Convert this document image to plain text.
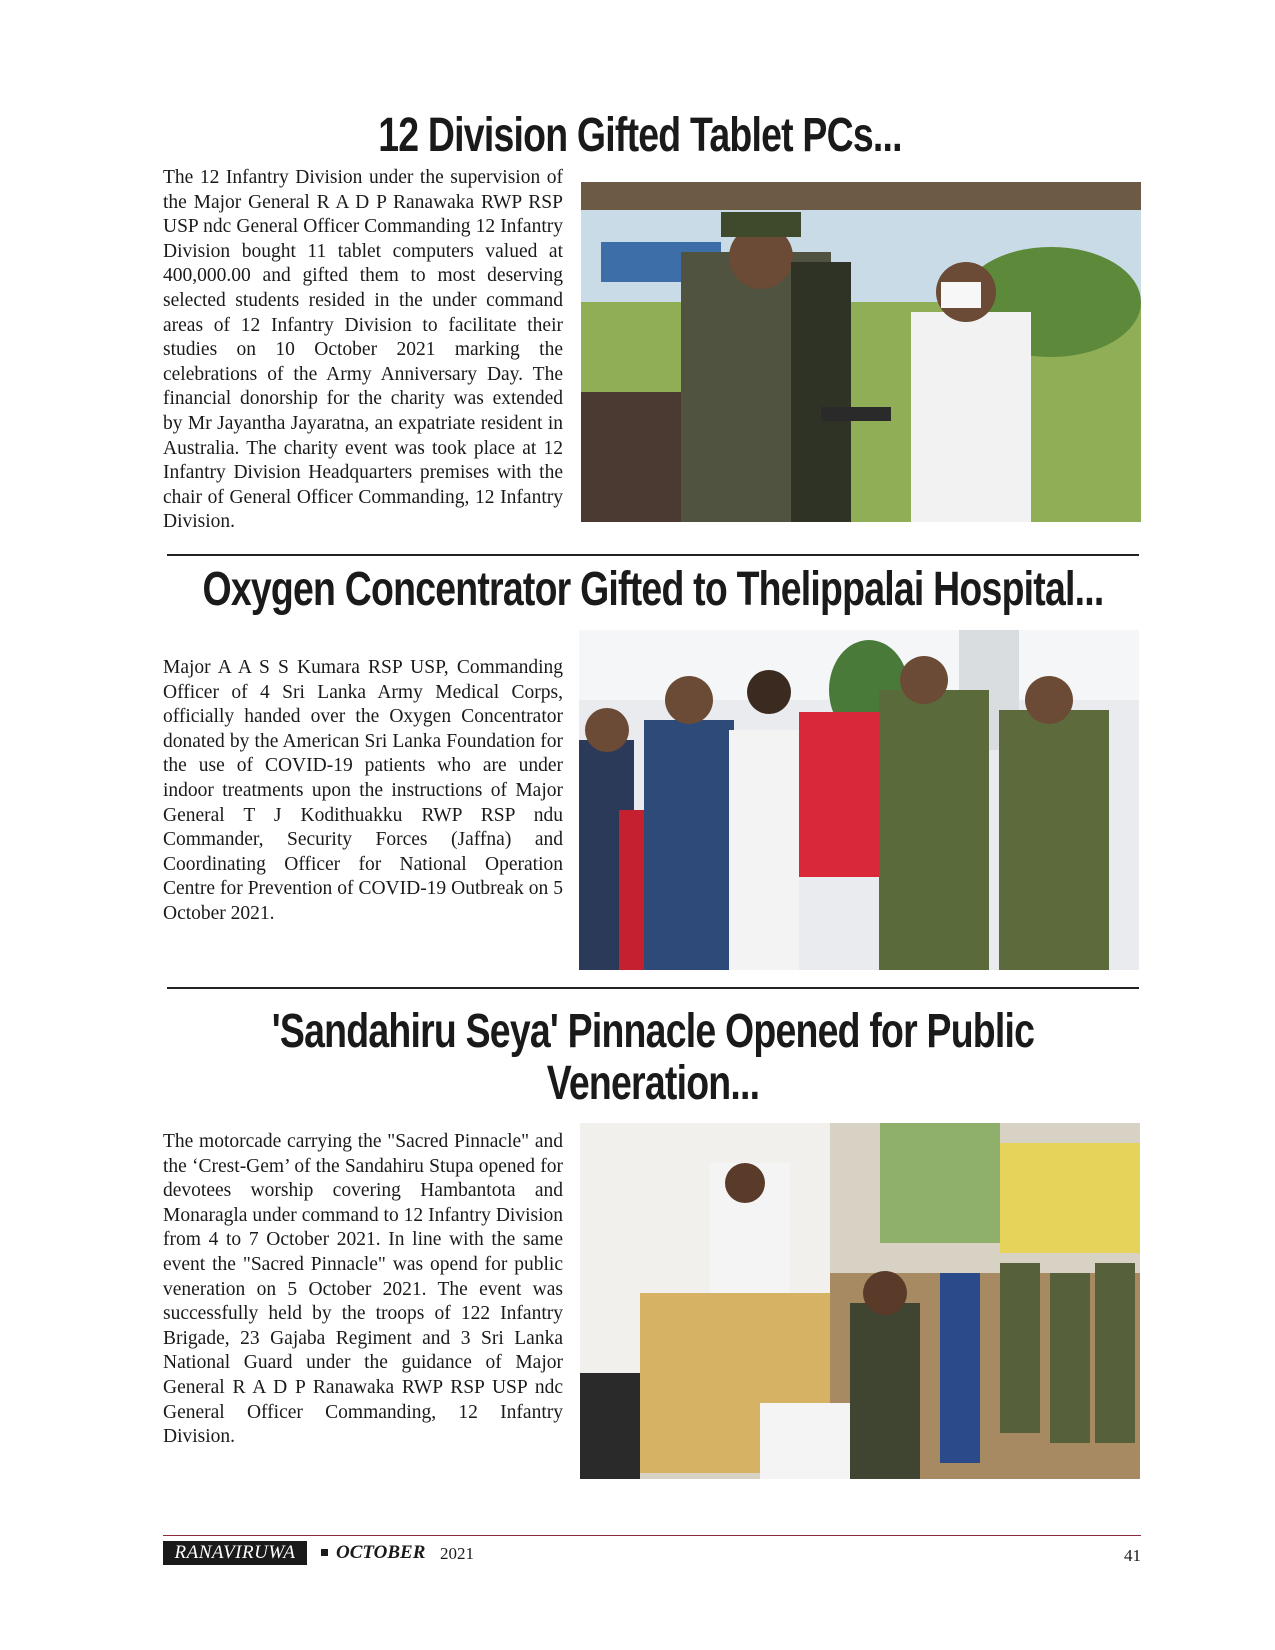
12 Division Gifted Tablet PCs...

The 12 Infantry Division under the supervision of the Major General R A D P Ranawaka RWP RSP USP ndc General Officer Commanding 12 Infantry Division bought 11 tablet computers valued at 400,000.00 and gifted them to most deserving selected students resided in the under command areas of 12 Infantry Division to facilitate their studies on 10 October 2021 marking the celebrations of the Army Anniversary Day. The financial donorship for the charity was extended by Mr Jayantha Jayaratna, an expatriate resident in Australia. The charity event was took place at 12 Infantry Division Headquarters premises with the chair of General Officer Commanding, 12 Infantry Division.

Oxygen Concentrator Gifted to Thelippalai Hospital...

Major A A S S Kumara RSP USP, Commanding Officer of 4 Sri Lanka Army Medical Corps, officially handed over the Oxygen Concentrator donated by the American Sri Lanka Foundation for the use of COVID-19 patients who are under indoor treatments upon the instructions of Major General T J Kodithuakku RWP RSP ndu Commander, Security Forces (Jaffna) and Coordinating Officer for National Operation Centre for Prevention of COVID-19 Outbreak on 5 October 2021.

'Sandahiru Seya' Pinnacle Opened for Public
Veneration...

The motorcade carrying the "Sacred Pinnacle" and the ‘Crest-Gem’ of the Sandahiru Stupa opened for devotees worship covering Hambantota and Monaragla under command to 12 Infantry Division from 4 to 7 October 2021. In line with the same event the "Sacred Pinnacle" was opend for public veneration on 5 October 2021. The event was successfully held by the troops of 122 Infantry Brigade, 23 Gajaba Regiment and 3 Sri Lanka National Guard under the guidance of Major General R A D P Ranawaka RWP RSP USP ndc General Officer Commanding, 12 Infantry Division.

RANAVIRUWA	OCTOBER 2021	41
